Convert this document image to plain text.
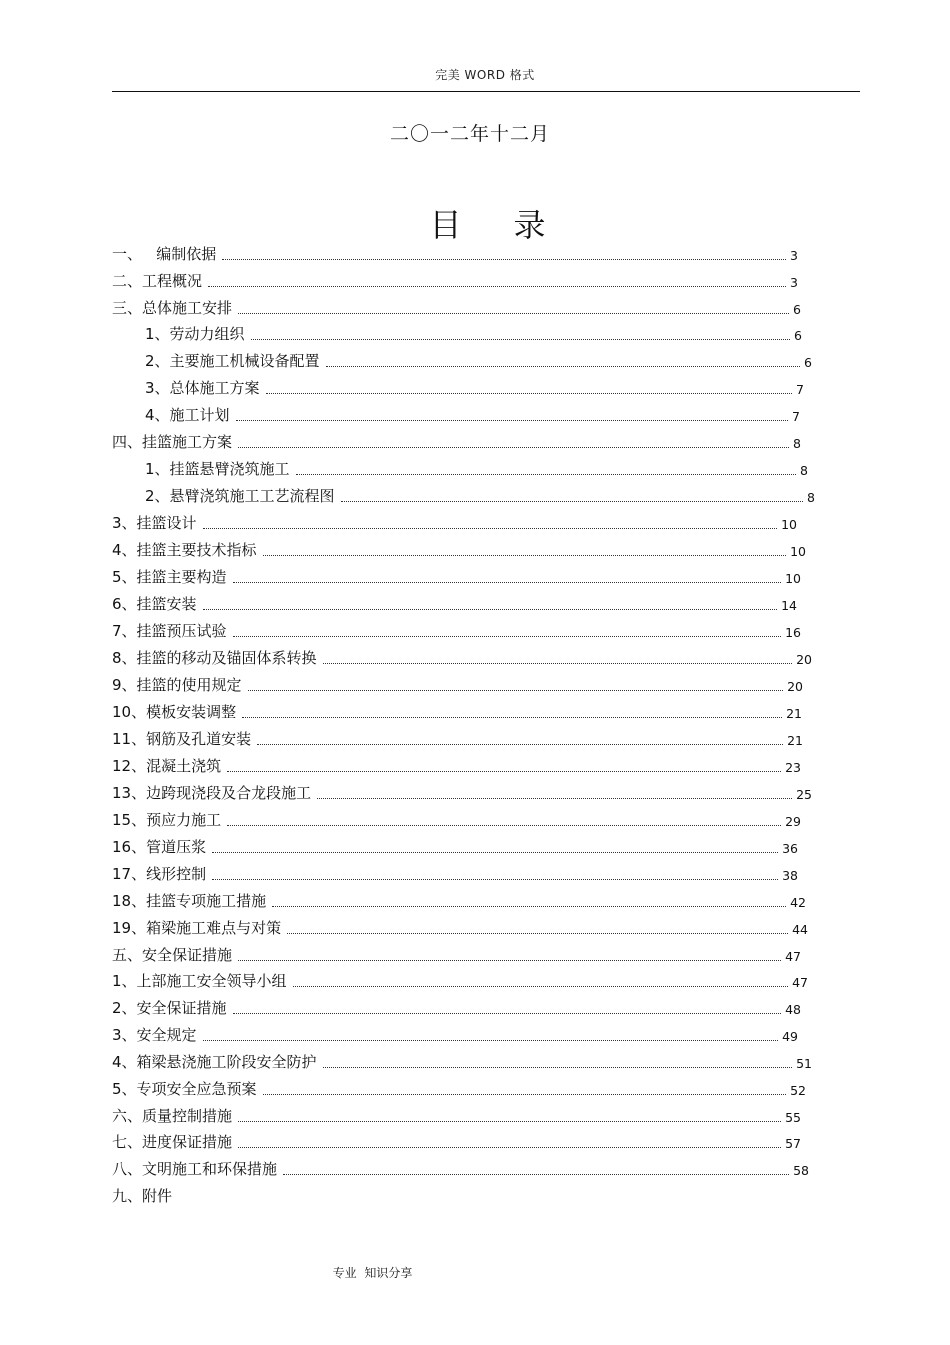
完美 WORD 格式
二〇一二年十二月
目 录
一、   编制依据	3
二、工程概况	3
三、总体施工安排	6
1、劳动力组织	6
2、主要施工机械设备配置	6
3、总体施工方案	7
4、施工计划	7
四、挂篮施工方案	8
1、挂篮悬臂浇筑施工	8
2、悬臂浇筑施工工艺流程图	8
3、挂篮设计	10
4、挂篮主要技术指标	10
5、挂篮主要构造	10
6、挂篮安装	14
7、挂篮预压试验	16
8、挂篮的移动及锚固体系转换	20
9、挂篮的使用规定	20
10、模板安装调整	21
11、钢筋及孔道安装	21
12、混凝土浇筑	23
13、边跨现浇段及合龙段施工	25
15、预应力施工	29
16、管道压浆	36
17、线形控制	38
18、挂篮专项施工措施	42
19、箱梁施工难点与对策	44
五、安全保证措施	47
1、上部施工安全领导小组	47
2、安全保证措施	48
3、安全规定	49
4、箱梁悬浇施工阶段安全防护	51
5、专项安全应急预案	52
六、质量控制措施	55
七、进度保证措施	57
八、文明施工和环保措施	58
九、附件
专业 知识分享
